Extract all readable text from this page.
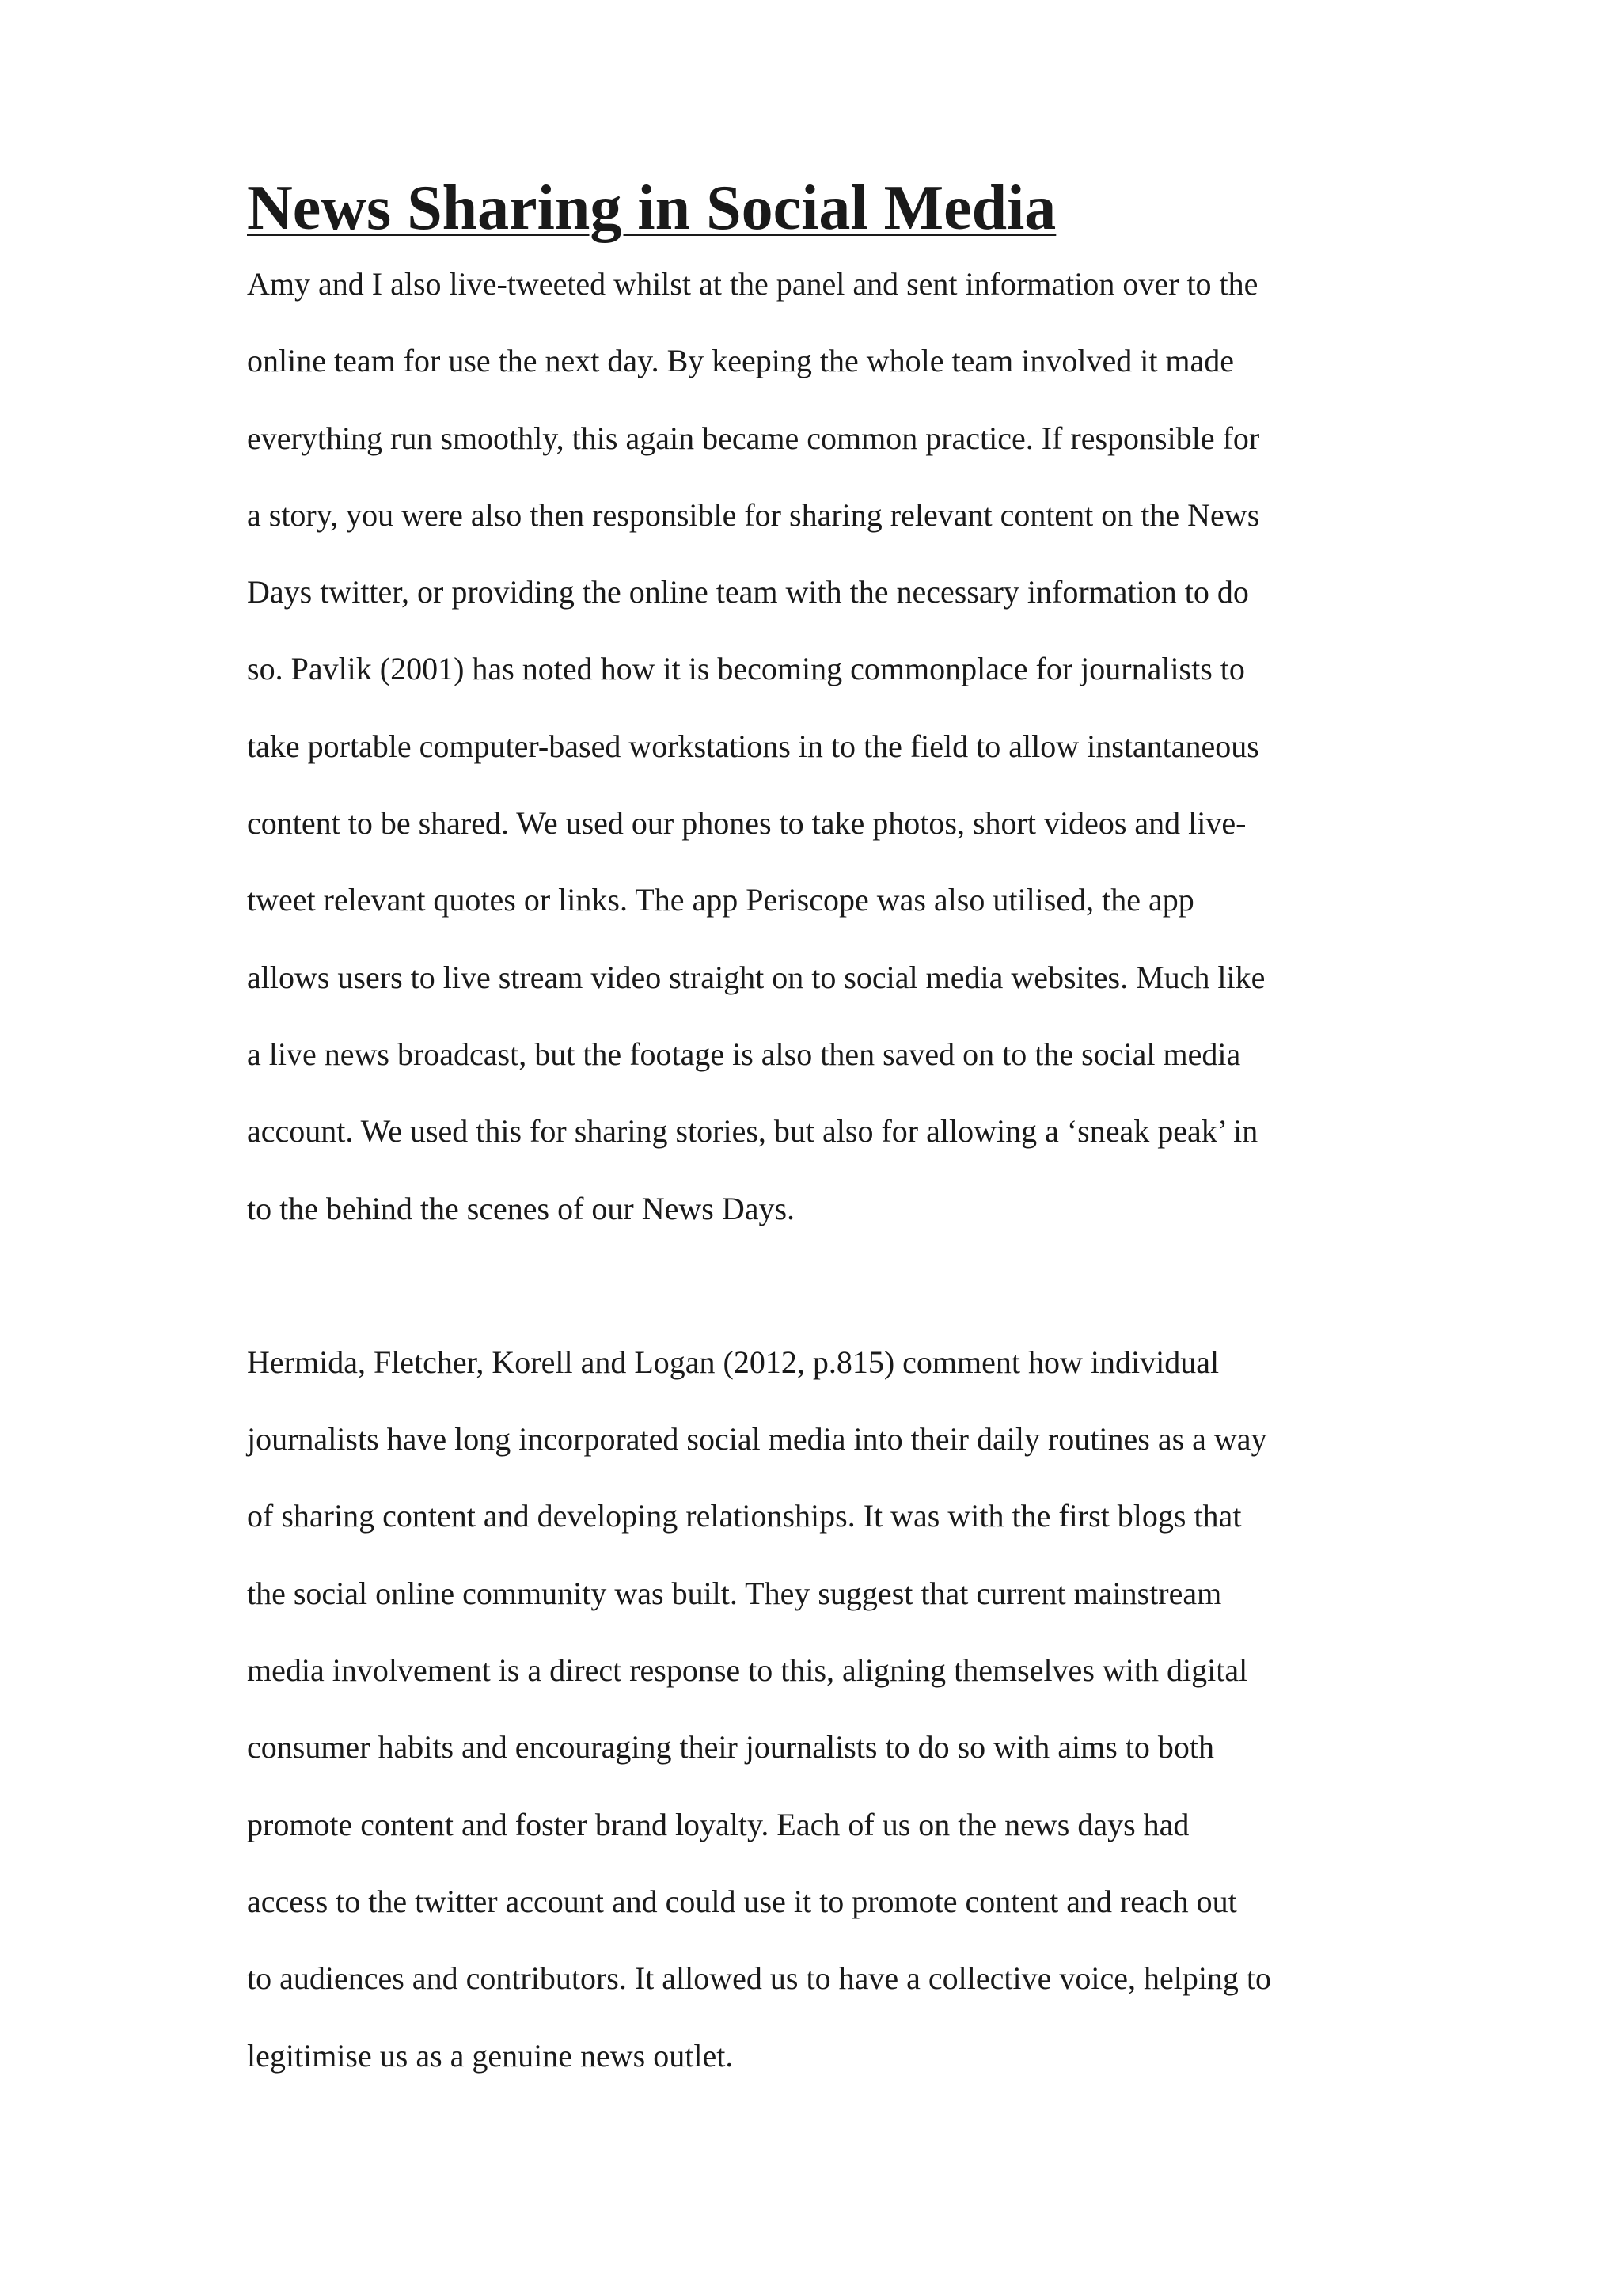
News Sharing in Social Media
Amy and I also live-tweeted whilst at the panel and sent information over to the
online team for use the next day. By keeping the whole team involved it made
everything run smoothly, this again became common practice. If responsible for
a story, you were also then responsible for sharing relevant content on the News
Days twitter, or providing the online team with the necessary information to do
so. Pavlik (2001) has noted how it is becoming commonplace for journalists to
take portable computer-based workstations in to the field to allow instantaneous
content to be shared. We used our phones to take photos, short videos and live-
tweet relevant quotes or links. The app Periscope was also utilised, the app
allows users to live stream video straight on to social media websites. Much like
a live news broadcast, but the footage is also then saved on to the social media
account. We used this for sharing stories, but also for allowing a ‘sneak peak’ in
to the behind the scenes of our News Days.
Hermida, Fletcher, Korell and Logan (2012, p.815) comment how individual
journalists have long incorporated social media into their daily routines as a way
of sharing content and developing relationships. It was with the first blogs that
the social online community was built. They suggest that current mainstream
media involvement is a direct response to this, aligning themselves with digital
consumer habits and encouraging their journalists to do so with aims to both
promote content and foster brand loyalty. Each of us on the news days had
access to the twitter account and could use it to promote content and reach out
to audiences and contributors. It allowed us to have a collective voice, helping to
legitimise us as a genuine news outlet.
